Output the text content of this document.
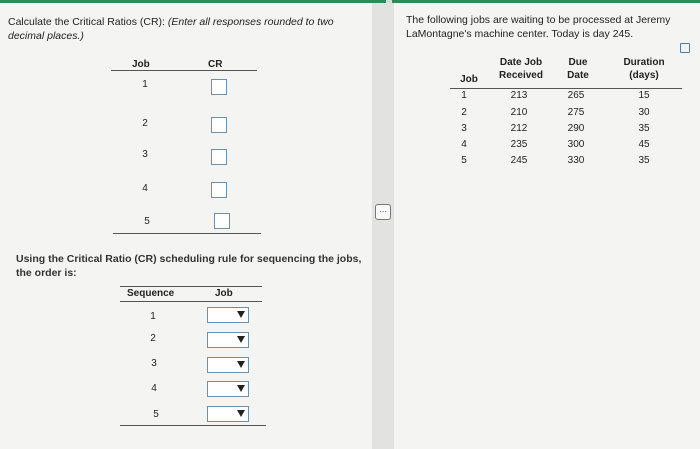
Calculate the Critical Ratios (CR): (Enter all responses rounded to two decimal places.)
Job	CR
1
2
3
4
5
Using the Critical Ratio (CR) scheduling rule for sequencing the jobs, the order is:
Sequence	Job
1
2
3
4
5
⋯
The following jobs are waiting to be processed at Jeremy LaMontagne's machine center. Today is day 245.
Job
Date Job
Received
Due
Date
Duration
(days)
1	213	265	15
2	210	275	30
3	212	290	35
4	235	300	45
5	245	330	35
